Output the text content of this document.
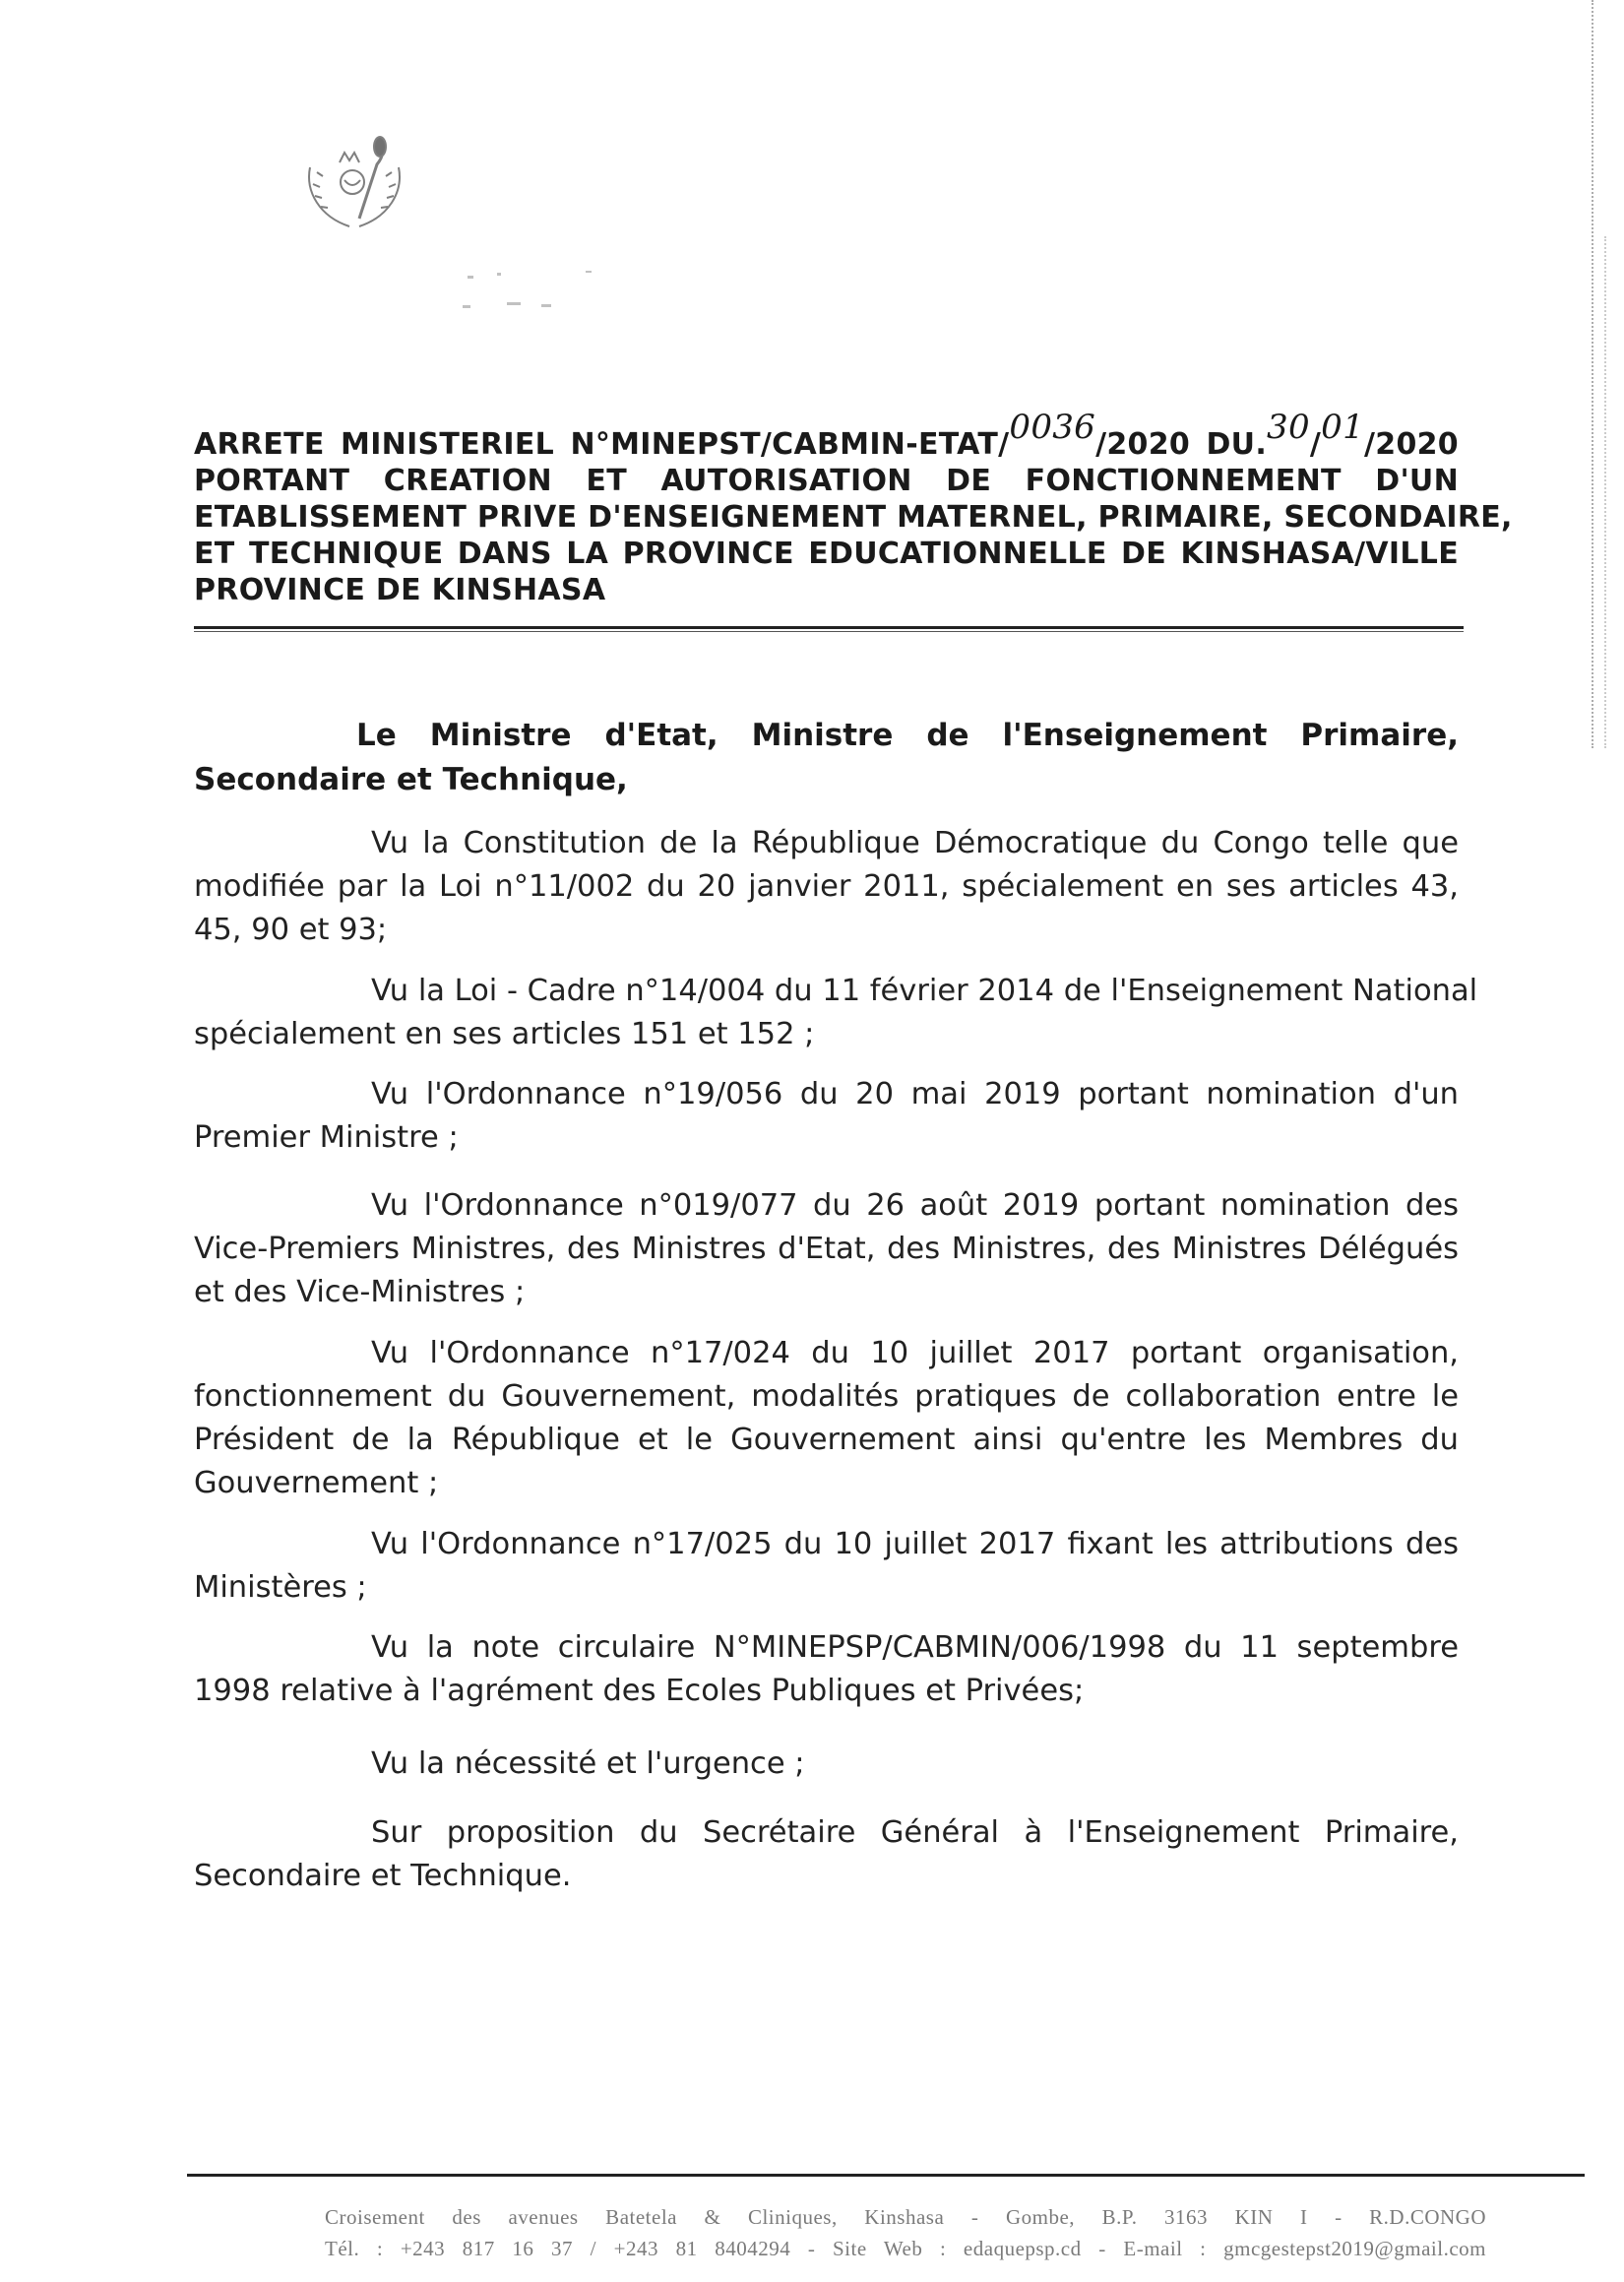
ARRETE MINISTERIEL N°MINEPST/CABMIN-ETAT/0036/2020 DU.30/01/2020
PORTANT CREATION ET AUTORISATION DE FONCTIONNEMENT D'UN
ETABLISSEMENT PRIVE D'ENSEIGNEMENT MATERNEL, PRIMAIRE, SECONDAIRE,
ET TECHNIQUE DANS LA PROVINCE EDUCATIONNELLE DE KINSHASA/VILLE
PROVINCE DE KINSHASA
Le Ministre d'Etat, Ministre de l'Enseignement Primaire,
Secondaire et Technique,

Vu la Constitution de la République Démocratique du Congo telle que
modifiée par la Loi n°11/002 du 20 janvier 2011, spécialement en ses articles 43, 45, 90 et 93;

Vu la Loi - Cadre n°14/004 du 11 février 2014 de l'Enseignement National
spécialement en ses articles 151 et 152 ;

Vu l'Ordonnance n°19/056 du 20 mai 2019 portant nomination d'un
Premier Ministre ;

Vu l'Ordonnance n°019/077 du 26 août 2019 portant nomination des
Vice-Premiers Ministres, des Ministres d'Etat, des Ministres, des Ministres Délégués et des Vice-Ministres ;

Vu l'Ordonnance n°17/024 du 10 juillet 2017 portant organisation,
fonctionnement du Gouvernement, modalités pratiques de collaboration entre le Président de la République et le Gouvernement ainsi qu'entre les Membres du Gouvernement ;

Vu l'Ordonnance n°17/025 du 10 juillet 2017 fixant les attributions des
Ministères ;

Vu la note circulaire N°MINEPSP/CABMIN/006/1998 du 11 septembre
1998 relative à l'agrément des Ecoles Publiques et Privées;

Vu la nécessité et l'urgence ;

Sur proposition du Secrétaire Général à l'Enseignement Primaire,
Secondaire et Technique.

Croisement des avenues Batetela & Cliniques, Kinshasa - Gombe, B.P. 3163 KIN I - R.D.CONGO
Tél. : +243 817 16 37 / +243 81 8404294 - Site Web : edaquepsp.cd - E-mail : gmcgestepst2019@gmail.com
